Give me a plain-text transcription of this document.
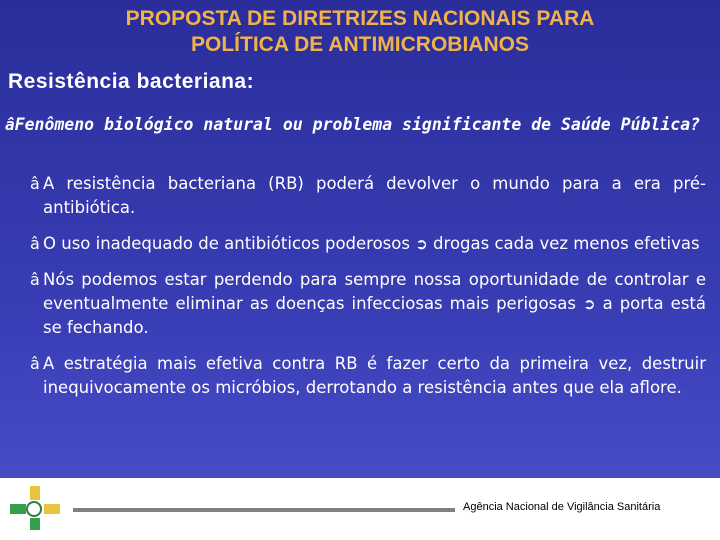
PROPOSTA DE DIRETRIZES NACIONAIS PARA
POLÍTICA DE ANTIMICROBIANOS
Resistência bacteriana:
âFenômeno biológico natural ou problema significante de Saúde Pública?
â A resistência bacteriana (RB) poderá devolver o mundo para a era pré-antibiótica.
â O uso inadequado de antibióticos poderosos ➲ drogas cada vez menos efetivas
â Nós podemos estar perdendo para sempre nossa oportunidade de controlar e eventualmente eliminar as doenças infecciosas mais perigosas ➲ a porta está se fechando.
â A estratégia mais efetiva contra RB é fazer certo da primeira vez, destruir inequivocamente os micróbios, derrotando a resistência antes que ela aflore.
ANVISA
Agência Nacional de Vigilância Sanitária
